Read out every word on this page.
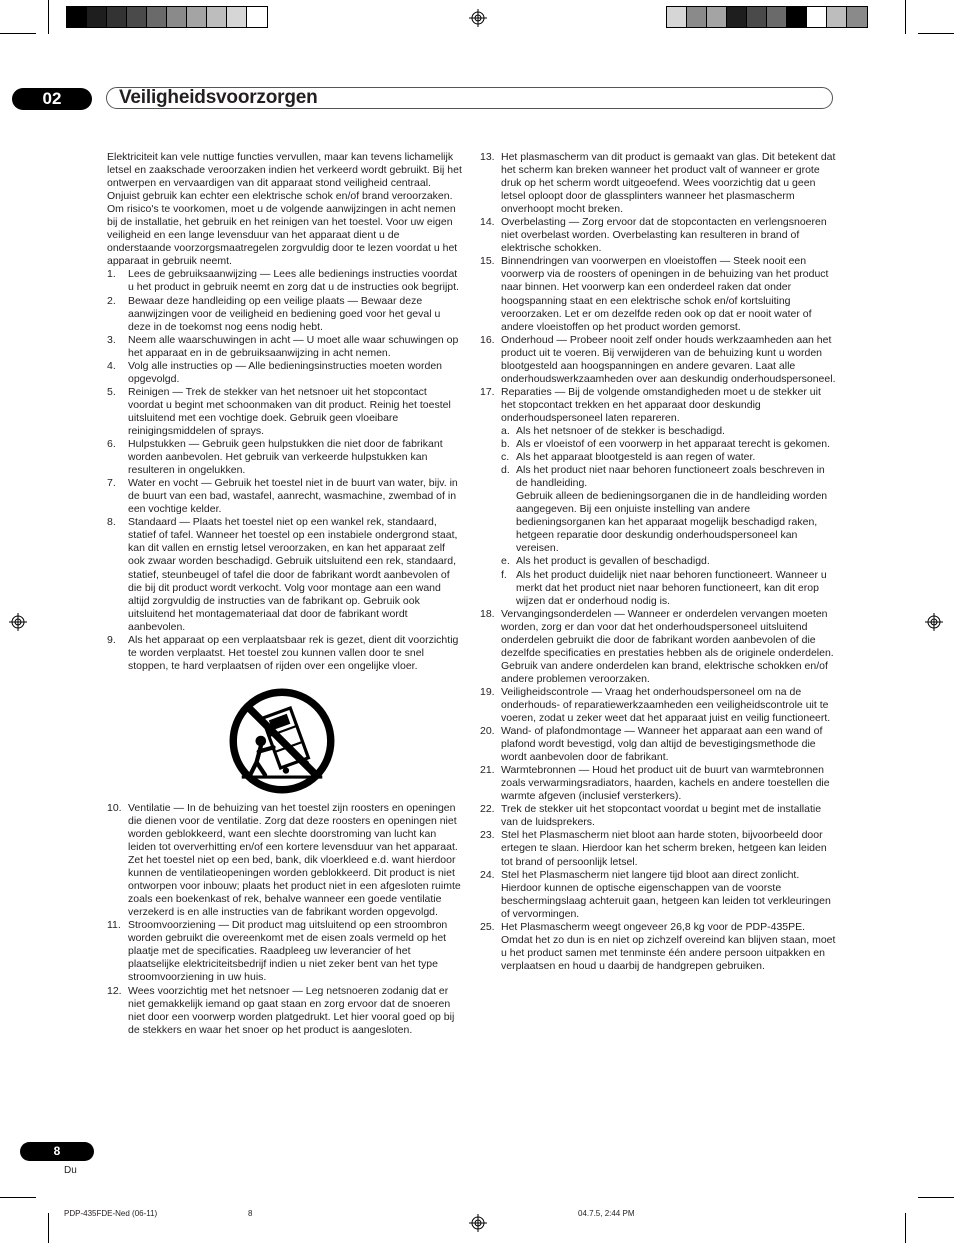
02	Veiligheidsvoorzorgen

Elektriciteit kan vele nuttige functies vervullen, maar kan tevens lichamelijk letsel en zaakschade veroorzaken indien het verkeerd wordt gebruikt. Bij het ontwerpen en vervaardigen van dit apparaat stond veiligheid centraal. Onjuist gebruik kan echter een elektrische schok en/of brand veroorzaken. Om risico's te voorkomen, moet u de volgende aanwijzingen in acht nemen bij de installatie, het gebruik en het reinigen van het toestel. Voor uw eigen veiligheid en een lange levensduur van het apparaat dient u de onderstaande voorzorgsmaatregelen zorgvuldig door te lezen voordat u het apparaat in gebruik neemt.

1. Lees de gebruiksaanwijzing — Lees alle bedienings instructies voordat u het product in gebruik neemt en zorg dat u de instructies ook begrijpt.

2. Bewaar deze handleiding op een veilige plaats — Bewaar deze aanwijzingen voor de veiligheid en bediening goed voor het geval u deze in de toekomst nog eens nodig hebt.

3. Neem alle waarschuwingen in acht — U moet alle waar schuwingen op het apparaat en in de gebruiksaanwijzing in acht nemen.

4. Volg alle instructies op — Alle bedieningsinstructies moeten worden opgevolgd.

5. Reinigen — Trek de stekker van het netsnoer uit het stopcontact voordat u begint met schoonmaken van dit product. Reinig het toestel uitsluitend met een vochtige doek. Gebruik geen vloeibare reinigingsmiddelen of sprays.

6. Hulpstukken — Gebruik geen hulpstukken die niet door de fabrikant worden aanbevolen. Het gebruik van verkeerde hulpstukken kan resulteren in ongelukken.

7. Water en vocht — Gebruik het toestel niet in de buurt van water, bijv. in de buurt van een bad, wastafel, aanrecht, wasmachine, zwembad of in een vochtige kelder.

8. Standaard — Plaats het toestel niet op een wankel rek, standaard, statief of tafel. Wanneer het toestel op een instabiele ondergrond staat, kan dit vallen en ernstig letsel veroorzaken, en kan het apparaat zelf ook zwaar worden beschadigd. Gebruik uitsluitend een rek, standaard, statief, steunbeugel of tafel die door de fabrikant wordt aanbevolen of die bij dit product wordt verkocht. Volg voor montage aan een wand altijd zorgvuldig de instructies van de fabrikant op. Gebruik ook uitsluitend het montagemateriaal dat door de fabrikant wordt aanbevolen.

9. Als het apparaat op een verplaatsbaar rek is gezet, dient dit voorzichtig te worden verplaatst. Het toestel zou kunnen vallen door te snel stoppen, te hard verplaatsen of rijden over een ongelijke vloer.

10. Ventilatie — In de behuizing van het toestel zijn roosters en openingen die dienen voor de ventilatie. Zorg dat deze roosters en openingen niet worden geblokkeerd, want een slechte doorstroming van lucht kan leiden tot oververhitting en/of een kortere levensduur van het apparaat. Zet het toestel niet op een bed, bank, dik vloerkleed e.d. want hierdoor kunnen de ventilatieopeningen worden geblokkeerd. Dit product is niet ontworpen voor inbouw; plaats het product niet in een afgesloten ruimte zoals een boekenkast of rek, behalve wanneer een goede ventilatie verzekerd is en alle instructies van de fabrikant worden opgevolgd.

11. Stroomvoorziening — Dit product mag uitsluitend op een stroombron worden gebruikt die overeenkomt met de eisen zoals vermeld op het plaatje met de specificaties. Raadpleeg uw leverancier of het plaatselijke elektriciteitsbedrijf indien u niet zeker bent van het type stroomvoorziening in uw huis.

12. Wees voorzichtig met het netsnoer — Leg netsnoeren zodanig dat er niet gemakkelijk iemand op gaat staan en zorg ervoor dat de snoeren niet door een voorwerp worden platgedrukt. Let hier vooral goed op bij de stekkers en waar het snoer op het product is aangesloten.

13. Het plasmascherm van dit product is gemaakt van glas. Dit betekent dat het scherm kan breken wanneer het product valt of wanneer er grote druk op het scherm wordt uitgeoefend. Wees voorzichtig dat u geen letsel oploopt door de glassplinters wanneer het plasmascherm onverhoopt mocht breken.

14. Overbelasting — Zorg ervoor dat de stopcontacten en verlengsnoeren niet overbelast worden. Overbelasting kan resulteren in brand of elektrische schokken.

15. Binnendringen van voorwerpen en vloeistoffen — Steek nooit een voorwerp via de roosters of openingen in de behuizing van het product naar binnen. Het voorwerp kan een onderdeel raken dat onder hoogspanning staat en een elektrische schok en/of kortsluiting veroorzaken. Let er om dezelfde reden ook op dat er nooit water of andere vloeistoffen op het product worden gemorst.

16. Onderhoud — Probeer nooit zelf onder houds werkzaamheden aan het product uit te voeren. Bij verwijderen van de behuizing kunt u worden blootgesteld aan hoogspanningen en andere gevaren. Laat alle onderhoudswerkzaamheden over aan deskundig onderhoudspersoneel.

17. Reparaties — Bij de volgende omstandigheden moet u de stekker uit het stopcontact trekken en het apparaat door deskundig onderhoudspersoneel laten repareren.

a. Als het netsnoer of de stekker is beschadigd.

b. Als er vloeistof of een voorwerp in het apparaat terecht is gekomen.

c. Als het apparaat blootgesteld is aan regen of water.

d. Als het product niet naar behoren functioneert zoals beschreven in de handleiding.

Gebruik alleen de bedieningsorganen die in de handleiding worden aangegeven. Bij een onjuiste instelling van andere bedieningsorganen kan het apparaat mogelijk beschadigd raken, hetgeen reparatie door deskundig onderhoudspersoneel kan vereisen.

e. Als het product is gevallen of beschadigd.

f. Als het product duidelijk niet naar behoren functioneert. Wanneer u merkt dat het product niet naar behoren functioneert, kan dit erop wijzen dat er onderhoud nodig is.

18. Vervangingsonderdelen — Wanneer er onderdelen vervangen moeten worden, zorg er dan voor dat het onderhoudspersoneel uitsluitend onderdelen gebruikt die door de fabrikant worden aanbevolen of die dezelfde specificaties en prestaties hebben als de originele onderdelen. Gebruik van andere onderdelen kan brand, elektrische schokken en/of andere problemen veroorzaken.

19. Veiligheidscontrole — Vraag het onderhoudspersoneel om na de onderhouds- of reparatiewerkzaamheden een veiligheidscontrole uit te voeren, zodat u zeker weet dat het apparaat juist en veilig functioneert.

20. Wand- of plafondmontage — Wanneer het apparaat aan een wand of plafond wordt bevestigd, volg dan altijd de bevestigingsmethode die wordt aanbevolen door de fabrikant.

21. Warmtebronnen — Houd het product uit de buurt van warmtebronnen zoals verwarmingsradiators, haarden, kachels en andere toestellen die warmte afgeven (inclusief versterkers).

22. Trek de stekker uit het stopcontact voordat u begint met de installatie van de luidsprekers.

23. Stel het Plasmascherm niet bloot aan harde stoten, bijvoorbeeld door ertegen te slaan. Hierdoor kan het scherm breken, hetgeen kan leiden tot brand of persoonlijk letsel.

24. Stel het Plasmascherm niet langere tijd bloot aan direct zonlicht. Hierdoor kunnen de optische eigenschappen van de voorste beschermingslaag achteruit gaan, hetgeen kan leiden tot verkleuringen of vervormingen.

25. Het Plasmascherm weegt ongeveer 26,8 kg voor de PDP-435PE. Omdat het zo dun is en niet op zichzelf overeind kan blijven staan, moet u het product samen met tenminste één andere persoon uitpakken en verplaatsen en houd u daarbij de handgrepen gebruiken.

8
Du
PDP-435FDE-Ned (06-11)	8	04.7.5, 2:44 PM
